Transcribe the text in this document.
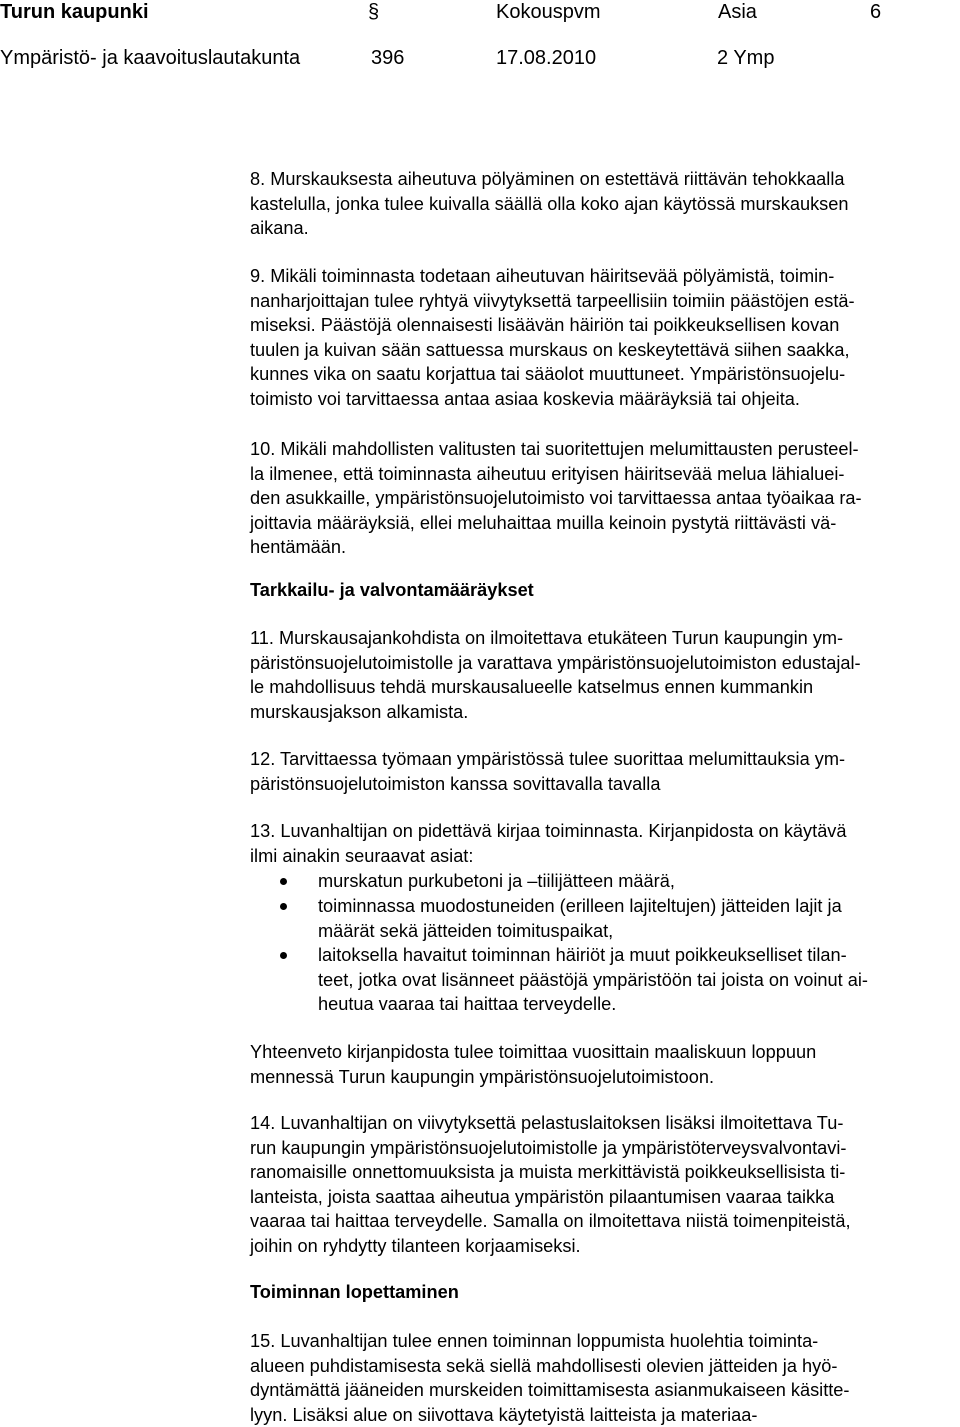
Turun kaupunki	§	Kokouspvm	Asia	6
Ympäristö- ja kaavoituslautakunta	396	17.08.2010	2 Ymp
8. Murskauksesta aiheutuva pölyäminen on estettävä riittävän tehokkaalla
kastelulla, jonka tulee kuivalla säällä olla koko ajan käytössä murskauksen
aikana.
9. Mikäli toiminnasta todetaan aiheutuvan häiritsevää pölyämistä, toimin-
nanharjoittajan tulee ryhtyä viivytyksettä tarpeellisiin toimiin päästöjen estä-
miseksi. Päästöjä olennaisesti lisäävän häiriön tai poikkeuksellisen kovan
tuulen ja kuivan sään sattuessa murskaus on keskeytettävä siihen saakka,
kunnes vika on saatu korjattua tai sääolot muuttuneet. Ympäristönsuojelu-
toimisto voi tarvittaessa antaa asiaa koskevia määräyksiä tai ohjeita.
10. Mikäli mahdollisten valitusten tai suoritettujen melumittausten perusteel-
la ilmenee, että toiminnasta aiheutuu erityisen häiritsevää melua lähialuei-
den asukkaille, ympäristönsuojelutoimisto voi tarvittaessa antaa työaikaa ra-
joittavia määräyksiä, ellei meluhaittaa muilla keinoin pystytä riittävästi vä-
hentämään.
11. Murskausajankohdista on ilmoitettava etukäteen Turun kaupungin ym-
päristönsuojelutoimistolle ja varattava ympäristönsuojelutoimiston edustajal-
le mahdollisuus tehdä murskausalueelle katselmus ennen kummankin
murskausjakson alkamista.
12. Tarvittaessa työmaan ympäristössä tulee suorittaa melumittauksia ym-
päristönsuojelutoimiston kanssa sovittavalla tavalla
13. Luvanhaltijan on pidettävä kirjaa toiminnasta. Kirjanpidosta on käytävä
ilmi ainakin seuraavat asiat:
Yhteenveto kirjanpidosta tulee toimittaa vuosittain maaliskuun loppuun
mennessä Turun kaupungin ympäristönsuojelutoimistoon.
14. Luvanhaltijan on viivytyksettä pelastuslaitoksen lisäksi ilmoitettava Tu-
run kaupungin ympäristönsuojelutoimistolle ja ympäristöterveysvalvontavi-
ranomaisille onnettomuuksista ja muista merkittävistä poikkeuksellisista ti-
lanteista, joista saattaa aiheutua ympäristön pilaantumisen vaaraa taikka
vaaraa tai haittaa terveydelle. Samalla on ilmoitettava niistä toimenpiteistä,
joihin on ryhdytty tilanteen korjaamiseksi.
15. Luvanhaltijan tulee ennen toiminnan loppumista huolehtia toiminta-
alueen puhdistamisesta sekä siellä mahdollisesti olevien jätteiden ja hyö-
dyntämättä jääneiden murskeiden toimittamisesta asianmukaiseen käsitte-
lyyn. Lisäksi alue on siivottava käytetyistä laitteista ja materiaa-
Tarkkailu- ja valvontamääräykset
Toiminnan lopettaminen
murskatun purkubetoni ja –tiilijätteen määrä,
toiminnassa muodostuneiden (erilleen lajiteltujen) jätteiden lajit ja
määrät sekä jätteiden toimituspaikat,
laitoksella havaitut toiminnan häiriöt ja muut poikkeukselliset tilan-
teet, jotka ovat lisänneet päästöjä ympäristöön tai joista on voinut ai-
heutua vaaraa tai haittaa terveydelle.
